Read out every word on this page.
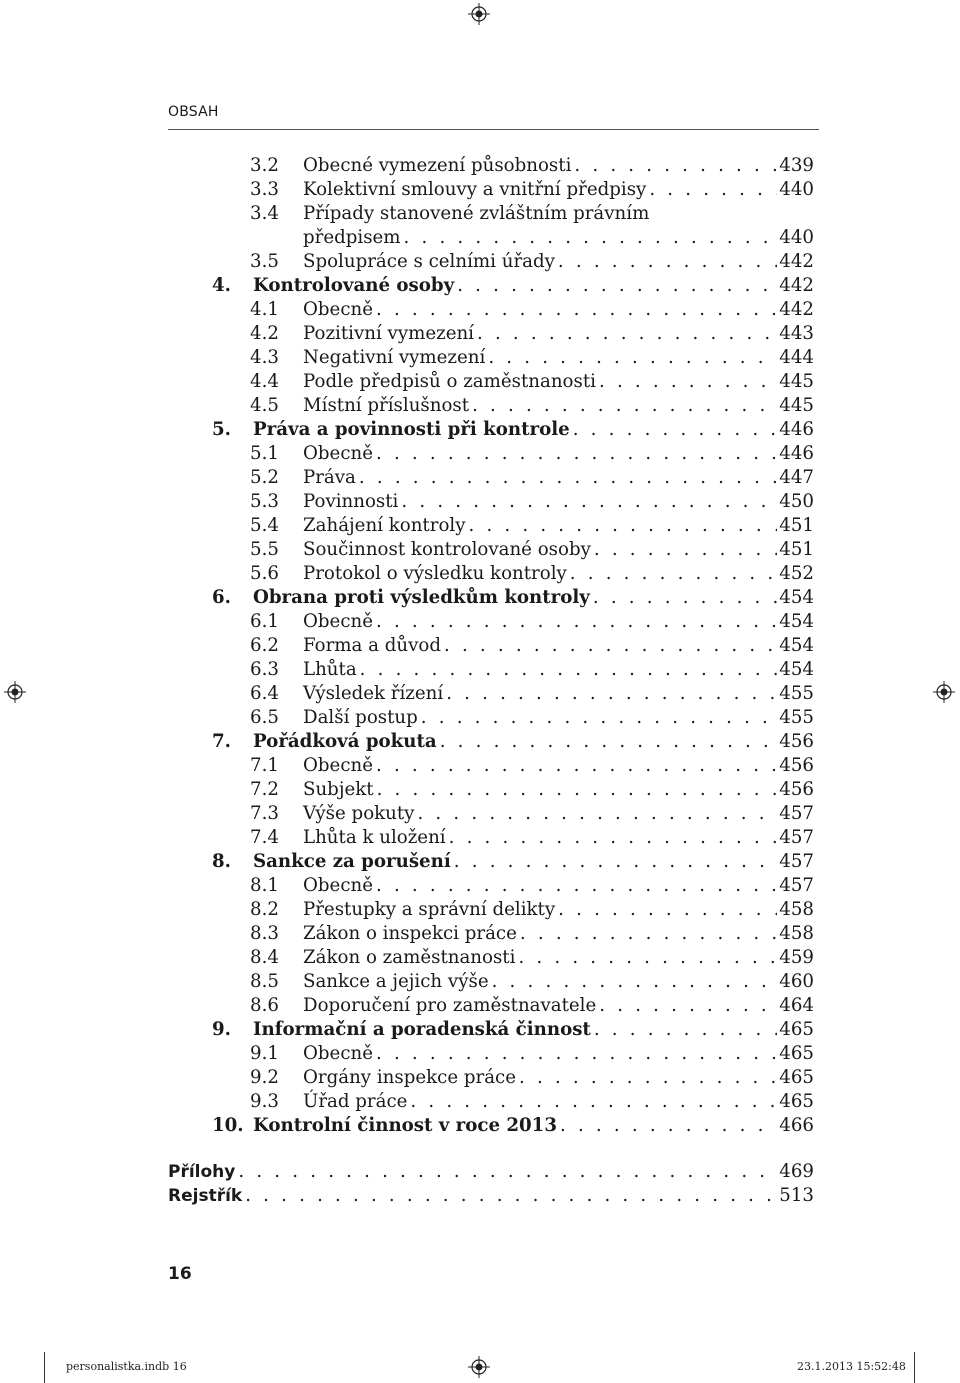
OBSAH
3.2 Obecné vymezení působnosti . . .	439
3.3 Kolektivní smlouvy a vnitřní předpisy . . .	440
3.4 Případy stanovené zvláštním právním
předpisem . . .	440
3.5 Spolupráce s celními úřady . . .	442
4. Kontrolované osoby . . .	442
4.1 Obecně . . .	442
4.2 Pozitivní vymezení . . .	443
4.3 Negativní vymezení . . .	444
4.4 Podle předpisů o zaměstnanosti . . .	445
4.5 Místní příslušnost . . .	445
5. Práva a povinnosti při kontrole . . .	446
5.1 Obecně . . .	446
5.2 Práva . . .	447
5.3 Povinnosti . . .	450
5.4 Zahájení kontroly . . .	451
5.5 Součinnost kontrolované osoby . . .	451
5.6 Protokol o výsledku kontroly . . .	452
6. Obrana proti výsledkům kontroly . . .	454
6.1 Obecně . . .	454
6.2 Forma a důvod . . .	454
6.3 Lhůta . . .	454
6.4 Výsledek řízení . . .	455
6.5 Další postup . . .	455
7. Pořádková pokuta . . .	456
7.1 Obecně . . .	456
7.2 Subjekt . . .	456
7.3 Výše pokuty . . .	457
7.4 Lhůta k uložení . . .	457
8. Sankce za porušení . . .	457
8.1 Obecně . . .	457
8.2 Přestupky a správní delikty . . .	458
8.3 Zákon o inspekci práce . . .	458
8.4 Zákon o zaměstnanosti . . .	459
8.5 Sankce a jejich výše . . .	460
8.6 Doporučení pro zaměstnavatele . . .	464
9. Informační a poradenská činnost . . .	465
9.1 Obecně . . .	465
9.2 Orgány inspekce práce . . .	465
9.3 Úřad práce . . .	465
10. Kontrolní činnost v roce 2013 . . .	466
Přílohy . . .	469
Rejstřík . . .	513
16
personalistka.indb 16	23.1.2013 15:52:48
